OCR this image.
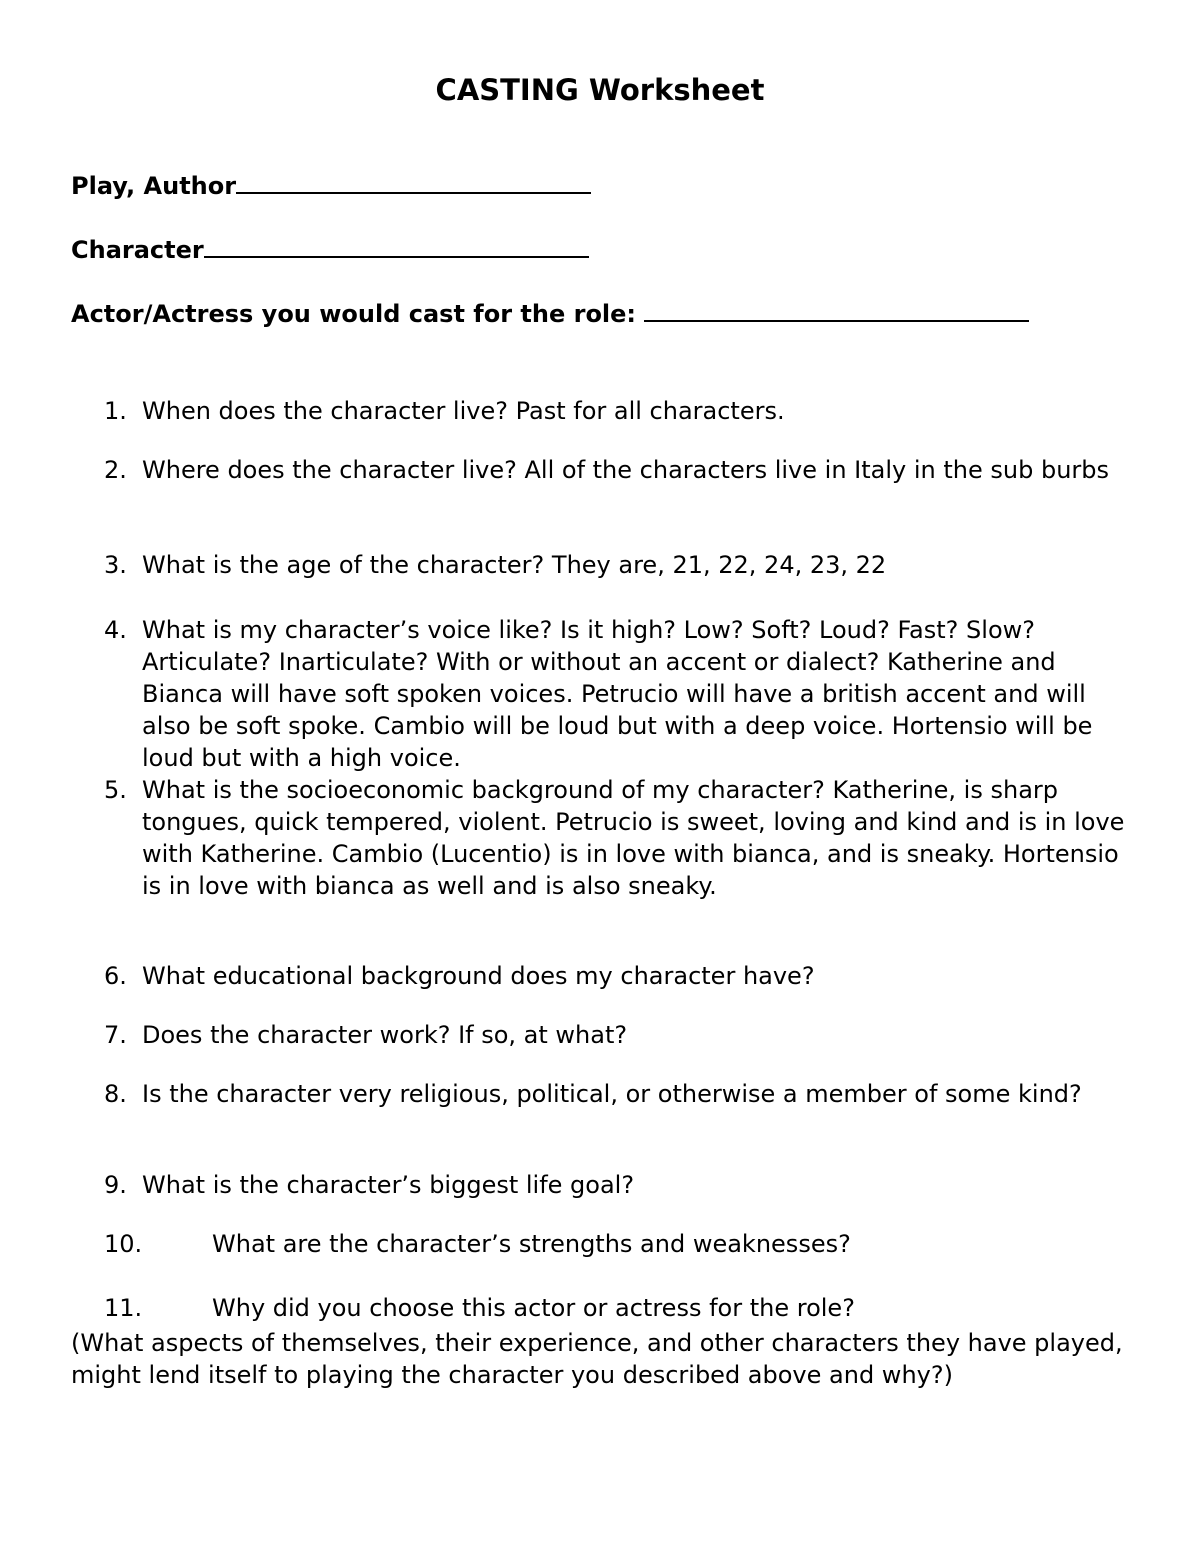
CASTING Worksheet
Play, Author
Character
Actor/Actress you would cast for the role:
1. When does the character live? Past for all characters.
2. Where does the character live? All of the characters live in Italy in the sub burbs
3. What is the age of the character? They are, 21, 22, 24, 23, 22
4. What is my character’s voice like? Is it high? Low? Soft? Loud? Fast? Slow? Articulate? Inarticulate? With or without an accent or dialect? Katherine and Bianca will have soft spoken voices. Petrucio will have a british accent and will also be soft spoke. Cambio will be loud but with a deep voice. Hortensio will be loud but with a high voice.
5. What is the socioeconomic background of my character? Katherine, is sharp tongues, quick tempered, violent. Petrucio is sweet, loving and kind and is in love with Katherine. Cambio (Lucentio) is in love with bianca, and is sneaky. Hortensio is in love with bianca as well and is also sneaky.
6. What educational background does my character have?
7. Does the character work? If so, at what?
8. Is the character very religious, political, or otherwise a member of some kind?
9. What is the character’s biggest life goal?
10.	What are the character’s strengths and weaknesses?
11.	Why did you choose this actor or actress for the role?
(What aspects of themselves, their experience, and other characters they have played, might lend itself to playing the character you described above and why?)
